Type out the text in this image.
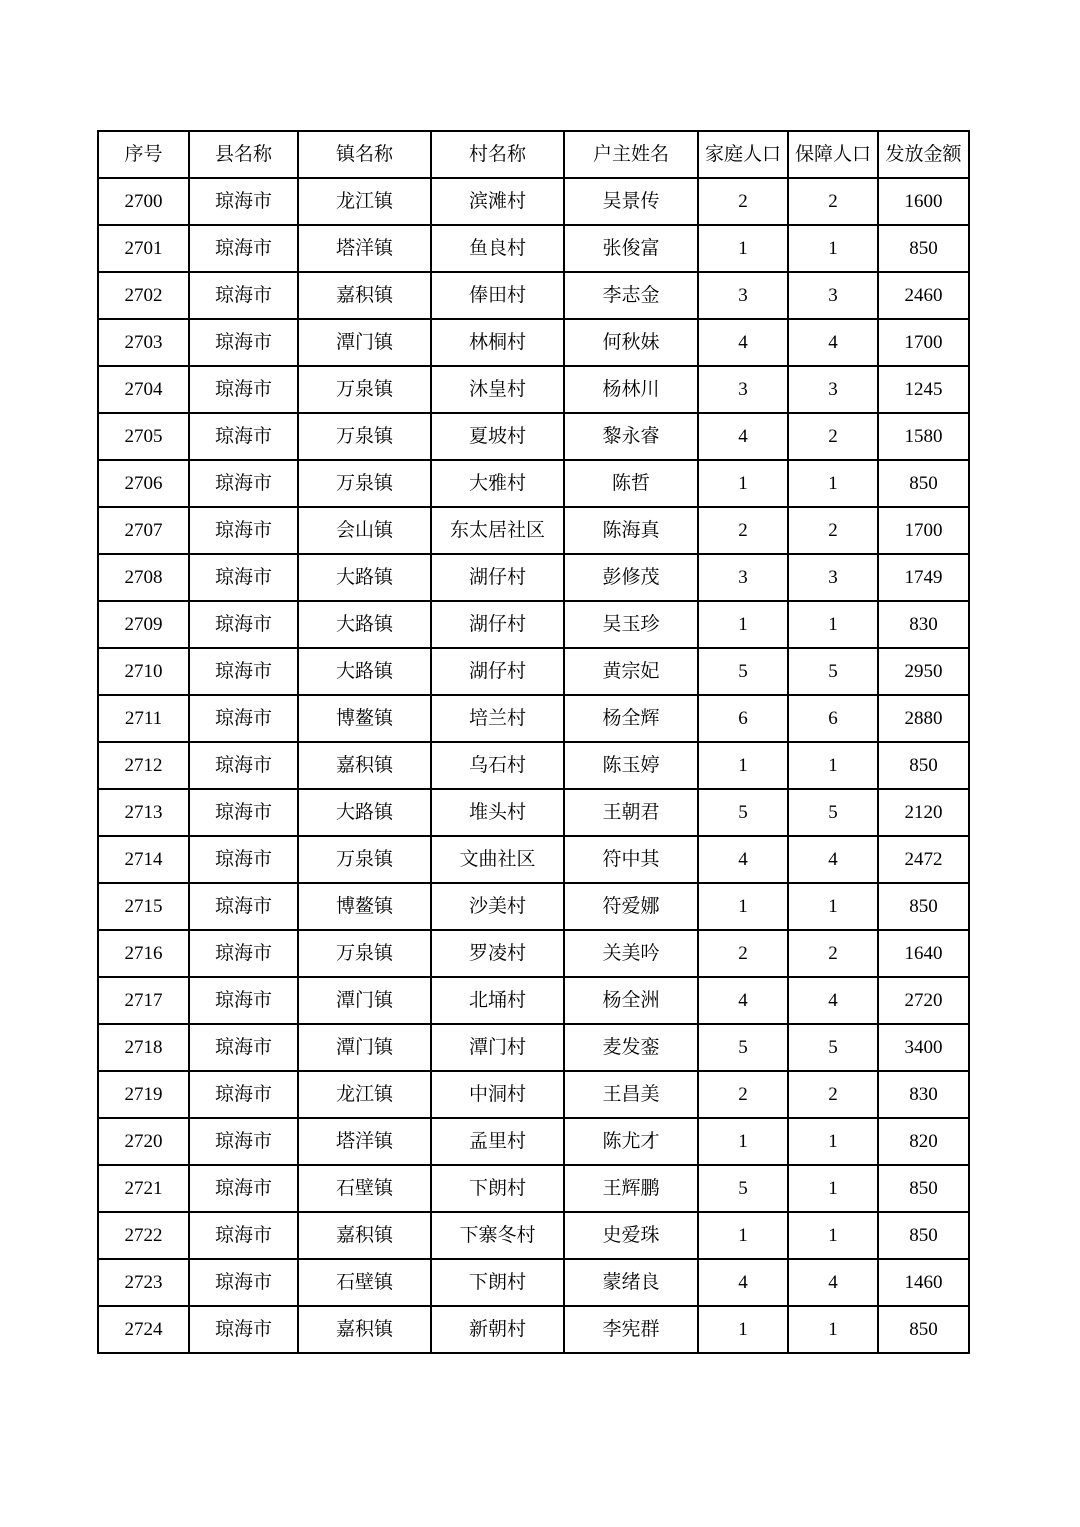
序号	县名称	镇名称	村名称	户主姓名	家庭人口	保障人口	发放金额
2700	琼海市	龙江镇	滨滩村	吴景传	2	2	1600
2701	琼海市	塔洋镇	鱼良村	张俊富	1	1	850
2702	琼海市	嘉积镇	俸田村	李志金	3	3	2460
2703	琼海市	潭门镇	林桐村	何秋妹	4	4	1700
2704	琼海市	万泉镇	沐皇村	杨林川	3	3	1245
2705	琼海市	万泉镇	夏坡村	黎永睿	4	2	1580
2706	琼海市	万泉镇	大雅村	陈哲	1	1	850
2707	琼海市	会山镇	东太居社区	陈海真	2	2	1700
2708	琼海市	大路镇	湖仔村	彭修茂	3	3	1749
2709	琼海市	大路镇	湖仔村	吴玉珍	1	1	830
2710	琼海市	大路镇	湖仔村	黄宗妃	5	5	2950
2711	琼海市	博鳌镇	培兰村	杨全辉	6	6	2880
2712	琼海市	嘉积镇	乌石村	陈玉婷	1	1	850
2713	琼海市	大路镇	堆头村	王朝君	5	5	2120
2714	琼海市	万泉镇	文曲社区	符中其	4	4	2472
2715	琼海市	博鳌镇	沙美村	符爱娜	1	1	850
2716	琼海市	万泉镇	罗凌村	关美吟	2	2	1640
2717	琼海市	潭门镇	北埇村	杨全洲	4	4	2720
2718	琼海市	潭门镇	潭门村	麦发銮	5	5	3400
2719	琼海市	龙江镇	中洞村	王昌美	2	2	830
2720	琼海市	塔洋镇	孟里村	陈尤才	1	1	820
2721	琼海市	石壁镇	下朗村	王辉鹏	5	1	850
2722	琼海市	嘉积镇	下寨冬村	史爱珠	1	1	850
2723	琼海市	石壁镇	下朗村	蒙绪良	4	4	1460
2724	琼海市	嘉积镇	新朝村	李宪群	1	1	850
